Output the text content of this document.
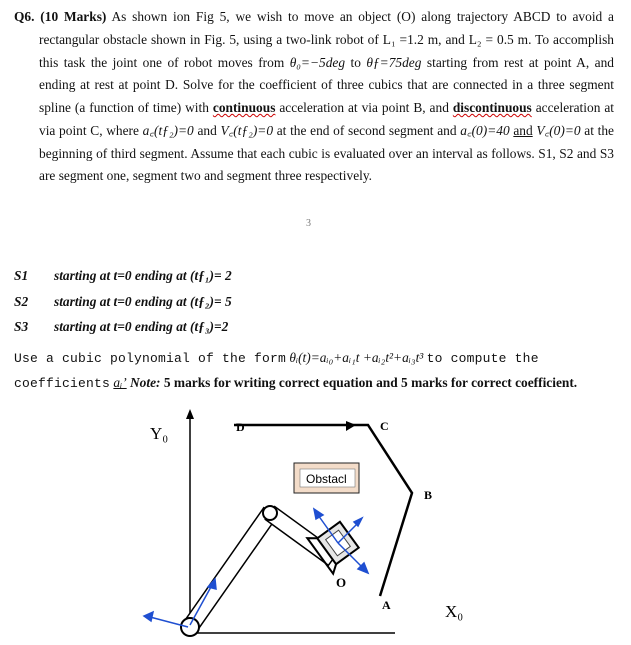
Q6. (10 Marks) As shown ion Fig 5, we wish to move an object (O) along trajectory ABCD to avoid a rectangular obstacle shown in Fig. 5, using a two-link robot of L₁ =1.2 m, and L₂ = 0.5 m. To accomplish this task the joint one of robot moves from θ₀=−5deg to θƒ=75deg starting from rest at point A, and ending at rest at point D. Solve for the coefficient of three cubics that are connected in a three segment spline (a function of time) with continuous acceleration at via point B, and discontinuous acceleration at via point C, where a꜀(tƒ₂)=0 and V꜀(tƒ₂)=0 at the end of second segment and a꜀(0)=40 and V꜀(0)=0 at the beginning of third segment. Assume that each cubic is evaluated over an interval as follows. S1, S2 and S3 are segment one, segment two and segment three respectively.
3
S1 starting at t=0 ending at (tƒ₁)= 2
S2 starting at t=0 ending at (tƒ₂)= 5
S3 starting at t=0 ending at (tƒ₃)=2
Use a cubic polynomial of the form θᵢ(t)=aᵢ₀+aᵢ₁t +aᵢ₂t²+aᵢ₃t³ to compute the coefficients aᵢʼ Note: 5 marks for writing correct equation and 5 marks for correct coefficient.
Y₀
X₀
A
B
C
D
Obstacl
O
